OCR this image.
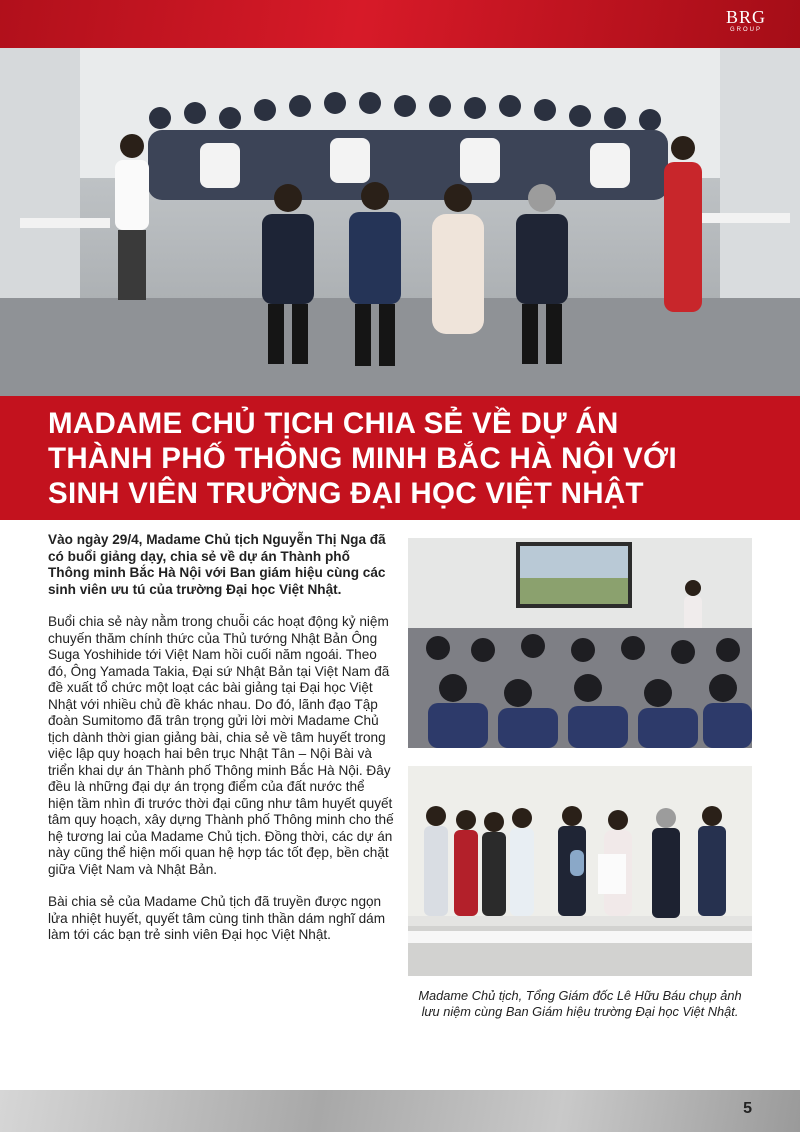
BRG
GROUP
MADAME CHỦ TỊCH CHIA SẺ VỀ DỰ ÁN
THÀNH PHỐ THÔNG MINH BẮC HÀ NỘI VỚI
SINH VIÊN TRƯỜNG ĐẠI HỌC VIỆT NHẬT

Vào ngày 29/4, Madame Chủ tịch Nguyễn Thị Nga đã có buổi giảng dạy, chia sẻ về dự án Thành phố Thông minh Bắc Hà Nội với Ban giám hiệu cùng các sinh viên ưu tú của trường Đại học Việt Nhật.

Buổi chia sẻ này nằm trong chuỗi các hoạt động kỷ niệm chuyến thăm chính thức của Thủ tướng Nhật Bản Ông Suga Yoshihide tới Việt Nam hồi cuối năm ngoái. Theo đó, Ông Yamada Takia, Đại sứ Nhật Bản tại Việt Nam đã đề xuất tổ chức một loạt các bài giảng tại Đại học Việt Nhật với nhiều chủ đề khác nhau. Do đó, lãnh đạo Tập đoàn Sumitomo đã trân trọng gửi lời mời Madame Chủ tịch dành thời gian giảng bài, chia sẻ về tâm huyết trong việc lập quy hoạch hai bên trục Nhật Tân – Nội Bài và triển khai dự án Thành phố Thông minh Bắc Hà Nội. Đây đều là những đại dự án trọng điểm của đất nước thể hiện tầm nhìn đi trước thời đại cũng như tâm huyết quyết tâm quy hoạch, xây dựng Thành phố Thông minh cho thế hệ tương lai của Madame Chủ tịch. Đồng thời, các dự án này cũng thể hiện mối quan hệ hợp tác tốt đẹp, bền chặt giữa Việt Nam và Nhật Bản.

Bài chia sẻ của Madame Chủ tịch đã truyền được ngọn lửa nhiệt huyết, quyết tâm cùng tinh thần dám nghĩ dám làm tới các bạn trẻ sinh viên Đại học Việt Nhật.

Madame Chủ tịch, Tổng Giám đốc Lê Hữu Báu chụp ảnh lưu niệm cùng Ban Giám hiệu trường Đại học Việt Nhật.
5
